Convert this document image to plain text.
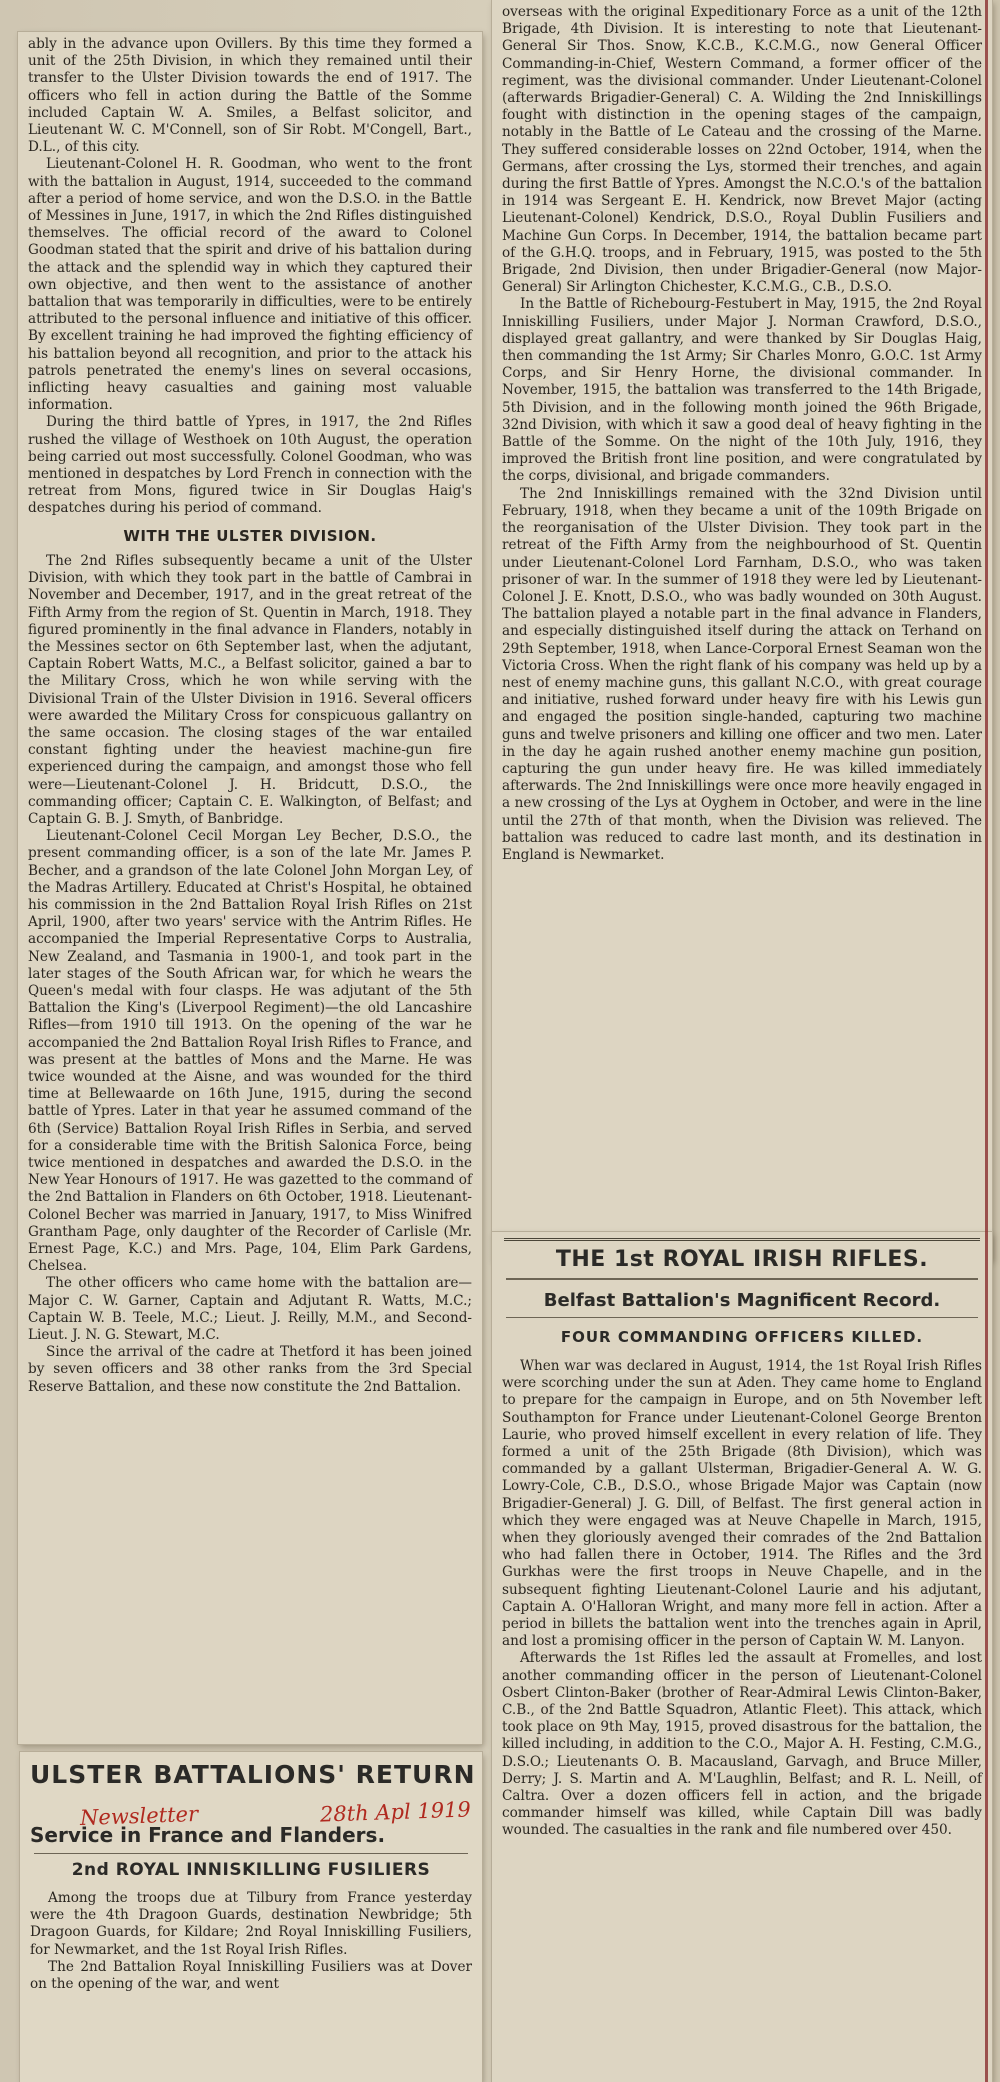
ably in the advance upon Ovillers. By this time they formed a unit of the 25th Division, in which they remained until their transfer to the Ulster Division towards the end of 1917. The officers who fell in action during the Battle of the Somme included Captain W. A. Smiles, a Belfast solicitor, and Lieutenant W. C. M'Connell, son of Sir Robt. M'Congell, Bart., D.L., of this city.

Lieutenant-Colonel H. R. Goodman, who went to the front with the battalion in August, 1914, succeeded to the command after a period of home service, and won the D.S.O. in the Battle of Messines in June, 1917, in which the 2nd Rifles distinguished themselves. The official record of the award to Colonel Goodman stated that the spirit and drive of his battalion during the attack and the splendid way in which they captured their own objective, and then went to the assistance of another battalion that was temporarily in difficulties, were to be entirely attributed to the personal influence and initiative of this officer. By excellent training he had improved the fighting efficiency of his battalion beyond all recognition, and prior to the attack his patrols penetrated the enemy's lines on several occasions, inflicting heavy casualties and gaining most valuable information.

During the third battle of Ypres, in 1917, the 2nd Rifles rushed the village of Westhoek on 10th August, the operation being carried out most successfully. Colonel Goodman, who was mentioned in despatches by Lord French in connection with the retreat from Mons, figured twice in Sir Douglas Haig's despatches during his period of command.

WITH THE ULSTER DIVISION.

The 2nd Rifles subsequently became a unit of the Ulster Division, with which they took part in the battle of Cambrai in November and December, 1917, and in the great retreat of the Fifth Army from the region of St. Quentin in March, 1918. They figured prominently in the final advance in Flanders, notably in the Messines sector on 6th September last, when the adjutant, Captain Robert Watts, M.C., a Belfast solicitor, gained a bar to the Military Cross, which he won while serving with the Divisional Train of the Ulster Division in 1916. Several officers were awarded the Military Cross for conspicuous gallantry on the same occasion. The closing stages of the war entailed constant fighting under the heaviest machine-gun fire experienced during the campaign, and amongst those who fell were—Lieutenant-Colonel J. H. Bridcutt, D.S.O., the commanding officer; Captain C. E. Walkington, of Belfast; and Captain G. B. J. Smyth, of Banbridge.

Lieutenant-Colonel Cecil Morgan Ley Becher, D.S.O., the present commanding officer, is a son of the late Mr. James P. Becher, and a grandson of the late Colonel John Morgan Ley, of the Madras Artillery. Educated at Christ's Hospital, he obtained his commission in the 2nd Battalion Royal Irish Rifles on 21st April, 1900, after two years' service with the Antrim Rifles. He accompanied the Imperial Representative Corps to Australia, New Zealand, and Tasmania in 1900-1, and took part in the later stages of the South African war, for which he wears the Queen's medal with four clasps. He was adjutant of the 5th Battalion the King's (Liverpool Regiment)—the old Lancashire Rifles—from 1910 till 1913. On the opening of the war he accompanied the 2nd Battalion Royal Irish Rifles to France, and was present at the battles of Mons and the Marne. He was twice wounded at the Aisne, and was wounded for the third time at Bellewaarde on 16th June, 1915, during the second battle of Ypres. Later in that year he assumed command of the 6th (Service) Battalion Royal Irish Rifles in Serbia, and served for a considerable time with the British Salonica Force, being twice mentioned in despatches and awarded the D.S.O. in the New Year Honours of 1917. He was gazetted to the command of the 2nd Battalion in Flanders on 6th October, 1918. Lieutenant-Colonel Becher was married in January, 1917, to Miss Winifred Grantham Page, only daughter of the Recorder of Carlisle (Mr. Ernest Page, K.C.) and Mrs. Page, 104, Elim Park Gardens, Chelsea.

The other officers who came home with the battalion are—Major C. W. Garner, Captain and Adjutant R. Watts, M.C.; Captain W. B. Teele, M.C.; Lieut. J. Reilly, M.M., and Second-Lieut. J. N. G. Stewart, M.C.

Since the arrival of the cadre at Thetford it has been joined by seven officers and 38 other ranks from the 3rd Special Reserve Battalion, and these now constitute the 2nd Battalion.

overseas with the original Expeditionary Force as a unit of the 12th Brigade, 4th Division. It is interesting to note that Lieutenant-General Sir Thos. Snow, K.C.B., K.C.M.G., now General Officer Commanding-in-Chief, Western Command, a former officer of the regiment, was the divisional commander. Under Lieutenant-Colonel (afterwards Brigadier-General) C. A. Wilding the 2nd Inniskillings fought with distinction in the opening stages of the campaign, notably in the Battle of Le Cateau and the crossing of the Marne. They suffered considerable losses on 22nd October, 1914, when the Germans, after crossing the Lys, stormed their trenches, and again during the first Battle of Ypres. Amongst the N.C.O.'s of the battalion in 1914 was Sergeant E. H. Kendrick, now Brevet Major (acting Lieutenant-Colonel) Kendrick, D.S.O., Royal Dublin Fusiliers and Machine Gun Corps. In December, 1914, the battalion became part of the G.H.Q. troops, and in February, 1915, was posted to the 5th Brigade, 2nd Division, then under Brigadier-General (now Major-General) Sir Arlington Chichester, K.C.M.G., C.B., D.S.O.

In the Battle of Richebourg-Festubert in May, 1915, the 2nd Royal Inniskilling Fusiliers, under Major J. Norman Crawford, D.S.O., displayed great gallantry, and were thanked by Sir Douglas Haig, then commanding the 1st Army; Sir Charles Monro, G.O.C. 1st Army Corps, and Sir Henry Horne, the divisional commander. In November, 1915, the battalion was transferred to the 14th Brigade, 5th Division, and in the following month joined the 96th Brigade, 32nd Division, with which it saw a good deal of heavy fighting in the Battle of the Somme. On the night of the 10th July, 1916, they improved the British front line position, and were congratulated by the corps, divisional, and brigade commanders.

The 2nd Inniskillings remained with the 32nd Division until February, 1918, when they became a unit of the 109th Brigade on the reorganisation of the Ulster Division. They took part in the retreat of the Fifth Army from the neighbourhood of St. Quentin under Lieutenant-Colonel Lord Farnham, D.S.O., who was taken prisoner of war. In the summer of 1918 they were led by Lieutenant-Colonel J. E. Knott, D.S.O., who was badly wounded on 30th August. The battalion played a notable part in the final advance in Flanders, and especially distinguished itself during the attack on Terhand on 29th September, 1918, when Lance-Corporal Ernest Seaman won the Victoria Cross. When the right flank of his company was held up by a nest of enemy machine guns, this gallant N.C.O., with great courage and initiative, rushed forward under heavy fire with his Lewis gun and engaged the position single-handed, capturing two machine guns and twelve prisoners and killing one officer and two men. Later in the day he again rushed another enemy machine gun position, capturing the gun under heavy fire. He was killed immediately afterwards. The 2nd Inniskillings were once more heavily engaged in a new crossing of the Lys at Oyghem in October, and were in the line until the 27th of that month, when the Division was relieved. The battalion was reduced to cadre last month, and its destination in England is Newmarket.

THE 1st ROYAL IRISH RIFLES.
Belfast Battalion's Magnificent Record.
FOUR COMMANDING OFFICERS KILLED.

When war was declared in August, 1914, the 1st Royal Irish Rifles were scorching under the sun at Aden. They came home to England to prepare for the campaign in Europe, and on 5th November left Southampton for France under Lieutenant-Colonel George Brenton Laurie, who proved himself excellent in every relation of life. They formed a unit of the 25th Brigade (8th Division), which was commanded by a gallant Ulsterman, Brigadier-General A. W. G. Lowry-Cole, C.B., D.S.O., whose Brigade Major was Captain (now Brigadier-General) J. G. Dill, of Belfast. The first general action in which they were engaged was at Neuve Chapelle in March, 1915, when they gloriously avenged their comrades of the 2nd Battalion who had fallen there in October, 1914. The Rifles and the 3rd Gurkhas were the first troops in Neuve Chapelle, and in the subsequent fighting Lieutenant-Colonel Laurie and his adjutant, Captain A. O'Halloran Wright, and many more fell in action. After a period in billets the battalion went into the trenches again in April, and lost a promising officer in the person of Captain W. M. Lanyon.

Afterwards the 1st Rifles led the assault at Fromelles, and lost another commanding officer in the person of Lieutenant-Colonel Osbert Clinton-Baker (brother of Rear-Admiral Lewis Clinton-Baker, C.B., of the 2nd Battle Squadron, Atlantic Fleet). This attack, which took place on 9th May, 1915, proved disastrous for the battalion, the killed including, in addition to the C.O., Major A. H. Festing, C.M.G., D.S.O.; Lieutenants O. B. Macausland, Garvagh, and Bruce Miller, Derry; J. S. Martin and A. M'Laughlin, Belfast; and R. L. Neill, of Caltra. Over a dozen officers fell in action, and the brigade commander himself was killed, while Captain Dill was badly wounded. The casualties in the rank and file numbered over 450.

ULSTER BATTALIONS' RETURN
Newsletter	28th Apl 1919
Service in France and Flanders.
2nd ROYAL INNISKILLING FUSILIERS

Among the troops due at Tilbury from France yesterday were the 4th Dragoon Guards, destination Newbridge; 5th Dragoon Guards, for Kildare; 2nd Royal Inniskilling Fusiliers, for Newmarket, and the 1st Royal Irish Rifles.

The 2nd Battalion Royal Inniskilling Fusiliers was at Dover on the opening of the war, and went
